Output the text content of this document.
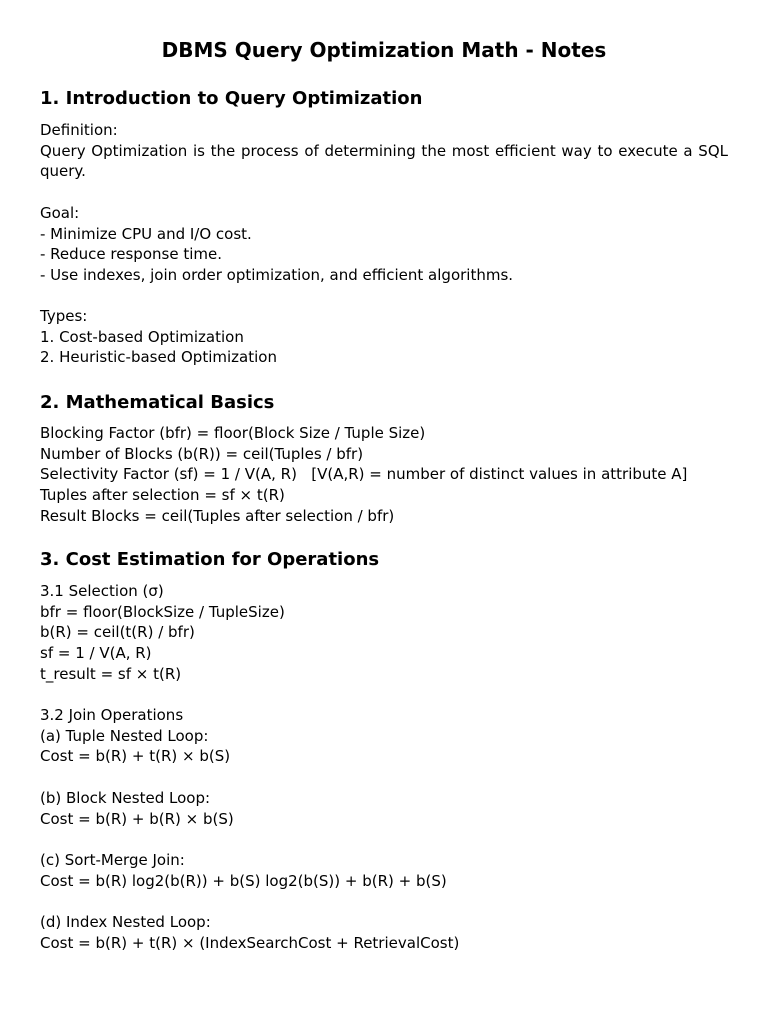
DBMS Query Optimization Math - Notes
1. Introduction to Query Optimization
Definition:
Query Optimization is the process of determining the most efficient way to execute a SQL query.
Goal:
- Minimize CPU and I/O cost.
- Reduce response time.
- Use indexes, join order optimization, and efficient algorithms.
Types:
1. Cost-based Optimization
2. Heuristic-based Optimization
2. Mathematical Basics
Blocking Factor (bfr) = floor(Block Size / Tuple Size)
Number of Blocks (b(R)) = ceil(Tuples / bfr)
Selectivity Factor (sf) = 1 / V(A, R)   [V(A,R) = number of distinct values in attribute A]
Tuples after selection = sf × t(R)
Result Blocks = ceil(Tuples after selection / bfr)
3. Cost Estimation for Operations
3.1 Selection (σ)
bfr = floor(BlockSize / TupleSize)
b(R) = ceil(t(R) / bfr)
sf = 1 / V(A, R)
t_result = sf × t(R)
3.2 Join Operations
(a) Tuple Nested Loop:
Cost = b(R) + t(R) × b(S)
(b) Block Nested Loop:
Cost = b(R) + b(R) × b(S)
(c) Sort-Merge Join:
Cost = b(R) log2(b(R)) + b(S) log2(b(S)) + b(R) + b(S)
(d) Index Nested Loop:
Cost = b(R) + t(R) × (IndexSearchCost + RetrievalCost)
